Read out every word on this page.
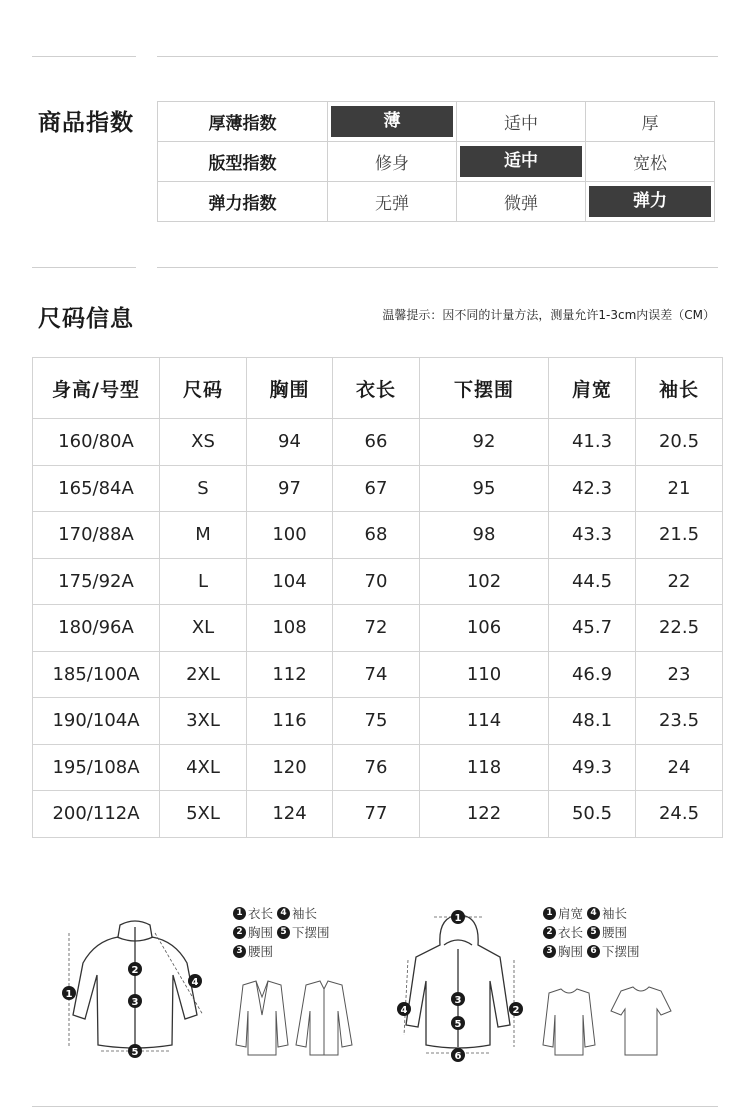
商品指数	厚薄指数	薄	适中	厚
版型指数	修身	适中	宽松
弹力指数	无弹	微弹	弹力
尺码信息	温馨提示：因不同的计量方法，测量允许1-3cm内误差（CM）
身高/号型	尺码	胸围	衣长	下摆围	肩宽	袖长
160/80A	XS	94	66	92	41.3	20.5
165/84A	S	97	67	95	42.3	21
170/88A	M	100	68	98	43.3	21.5
175/92A	L	104	70	102	44.5	22
180/96A	XL	108	72	106	45.7	22.5
185/100A	2XL	112	74	110	46.9	23
190/104A	3XL	116	75	114	48.1	23.5
195/108A	4XL	120	76	118	49.3	24
200/112A	5XL	124	77	122	50.5	24.5
1
2
3
4
5
1 衣长 4 袖长
2 胸围 5 下摆围
3 腰围
1
2
3
4
5
6
1 肩宽 4 袖长
2 衣长 5 腰围
3 胸围 6 下摆围
